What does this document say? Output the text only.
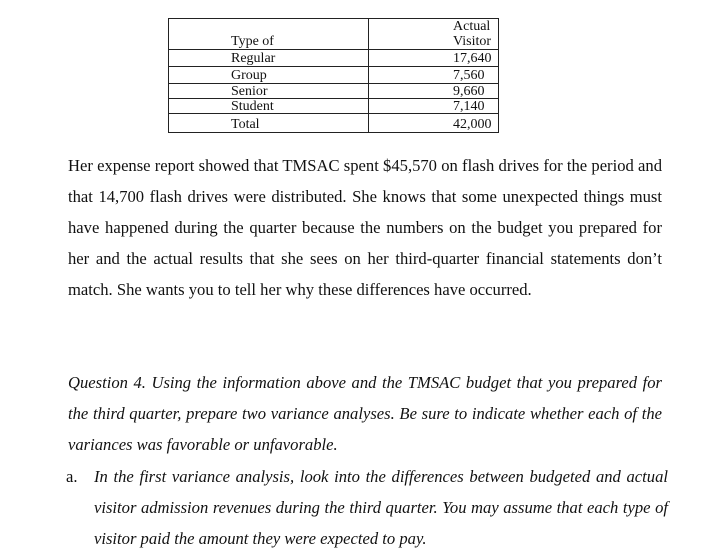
Type of	Actual Visitor
Regular	17,640
Group	7,560
Senior	9,660
Student	7,140
Total	42,000

Her expense report showed that TMSAC spent $45,570 on flash drives for the period and that 14,700 flash drives were distributed. She knows that some unexpected things must have happened during the quarter because the numbers on the budget you prepared for her and the actual results that she sees on her third-quarter financial statements don’t match. She wants you to tell her why these differences have occurred.

Question 4. Using the information above and the TMSAC budget that you prepared for the third quarter, prepare two variance analyses. Be sure to indicate whether each of the variances was favorable or unfavorable.

a. In the first variance analysis, look into the differences between budgeted and actual visitor admission revenues during the third quarter. You may assume that each type of visitor paid the amount they were expected to pay.
